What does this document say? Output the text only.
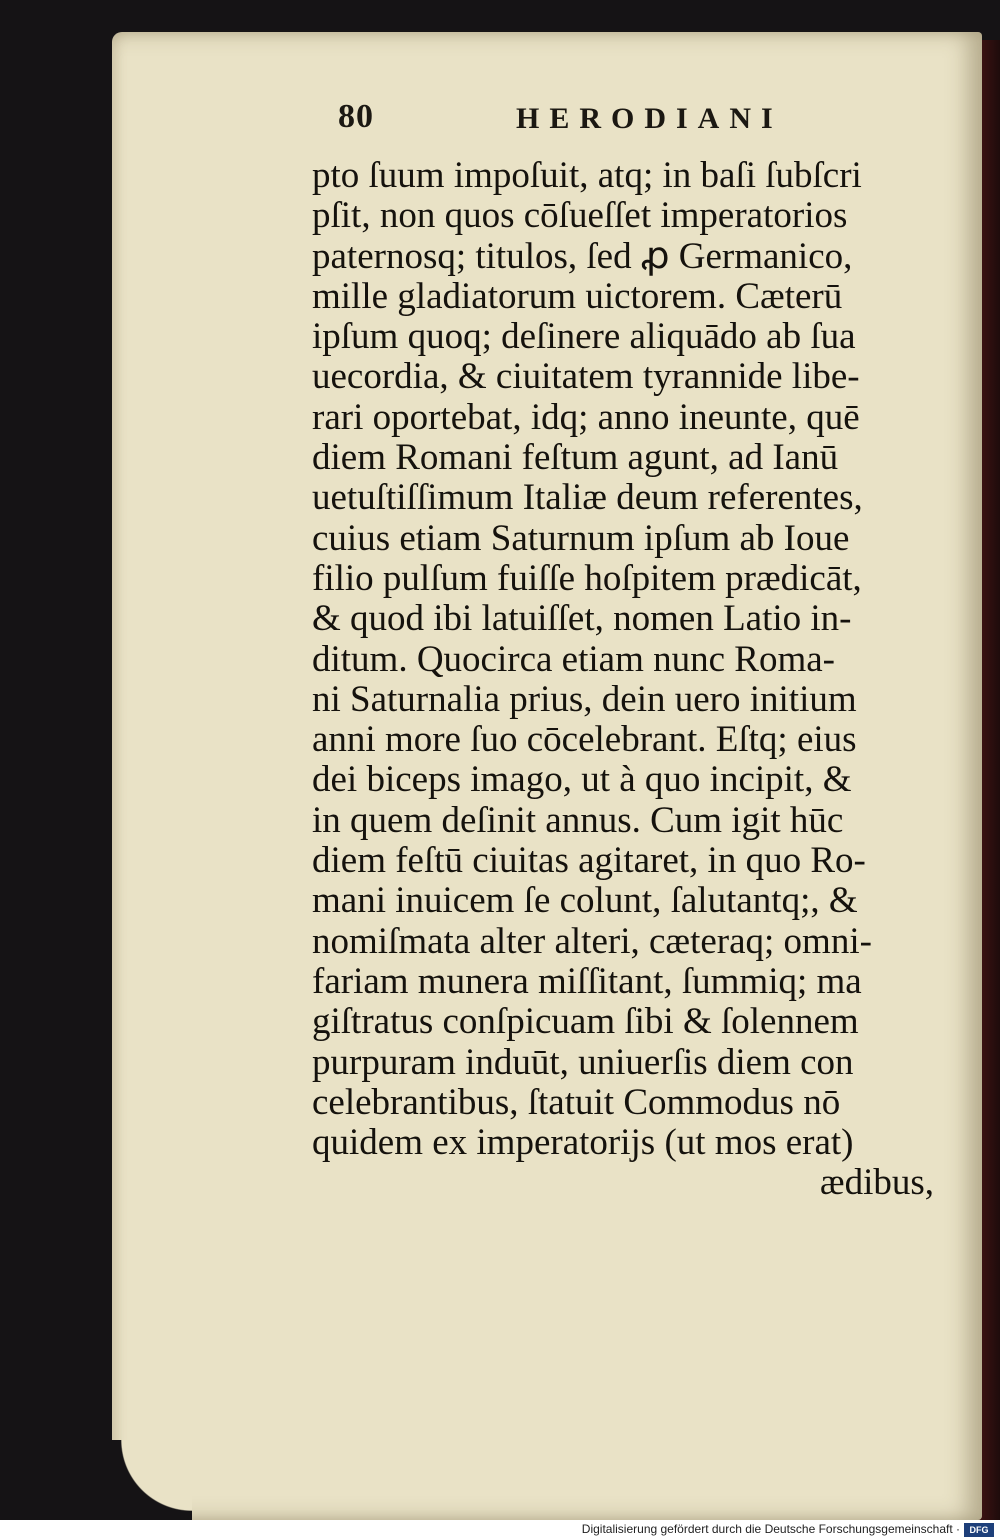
80	HERODIANI
pto ſuum impoſuit, atq; in baſi ſubſcri
pſit, non quos cōſueſſet imperatorios
paternosq; titulos, ſed ꝓ Germanico,
mille gladiatorum uictorem. Cæterū
ipſum quoq; deſinere aliquādo ab ſua
uecordia, & ciuitatem tyrannide libe-
rari oportebat, idq; anno ineunte, quē
diem Romani feſtum agunt, ad Ianū
uetuſtiſſimum Italiæ deum referentes,
cuius etiam Saturnum ipſum ab Ioue
filio pulſum fuiſſe hoſpitem prædicāt,
& quod ibi latuiſſet, nomen Latio in-
ditum. Quocirca etiam nunc Roma-
ni Saturnalia prius, dein uero initium
anni more ſuo cōcelebrant. Eſtq; eius
dei biceps imago, ut à quo incipit, &
in quem deſinit annus. Cum igit hūc
diem feſtū ciuitas agitaret, in quo Ro-
mani inuicem ſe colunt, ſalutantq;, &
nomiſmata alter alteri, cæteraq; omni-
fariam munera miſſitant, ſummiq; ma
giſtratus conſpicuam ſibi & ſolennem
purpuram induūt, uniuerſis diem con
celebrantibus, ſtatuit Commodus nō
quidem ex imperatorijs (ut mos erat)
ædibus,
Digitalisierung gefördert durch die Deutsche Forschungsgemeinschaft ·	DFG
